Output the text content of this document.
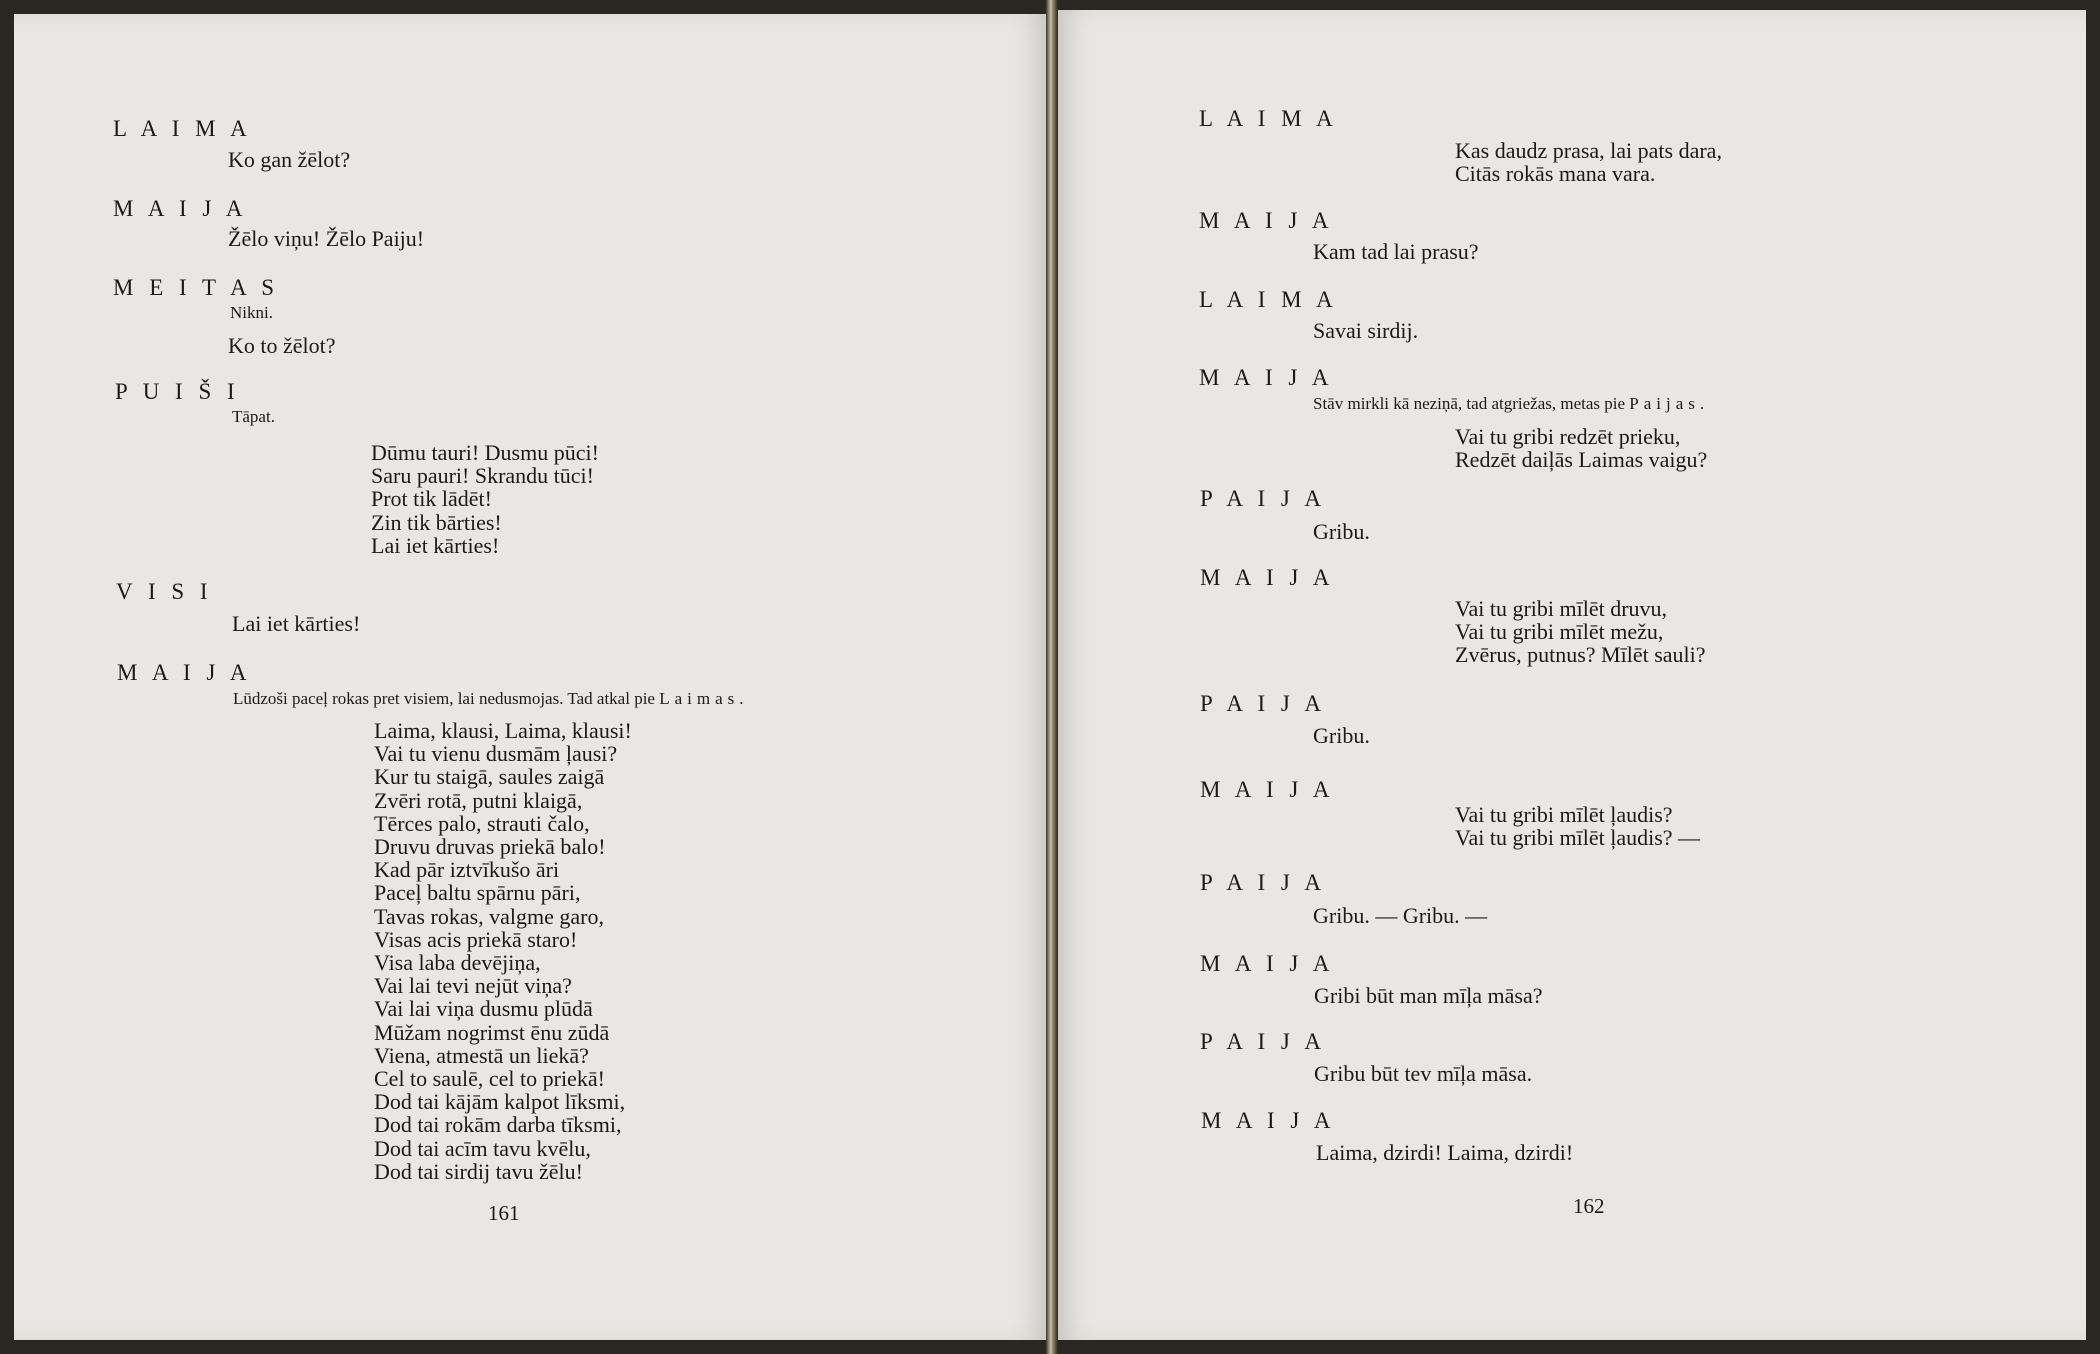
L A I M A
Ko gan žēlot?
M A I J A
Žēlo viņu! Žēlo Paiju!
M E I T A S
Nikni.
Ko to žēlot?
P U I Š I
Tāpat.
Dūmu tauri! Dusmu pūci!
Saru pauri! Skrandu tūci!
Prot tik lādēt!
Zin tik bārties!
Lai iet kārties!
V I S I
Lai iet kārties!
M A I J A
Lūdzoši paceļ rokas pret visiem, lai nedusmojas. Tad atkal pie Laimas.
Laima, klausi, Laima, klausi!
Vai tu vienu dusmām ļausi?
Kur tu staigā, saules zaigā
Zvēri rotā, putni klaigā,
Tērces palo, strauti čalo,
Druvu druvas priekā balo!
Kad pār iztvīkušo āri
Paceļ baltu spārnu pāri,
Tavas rokas, valgme garo,
Visas acis priekā staro!
Visa laba devējiņa,
Vai lai tevi nejūt viņa?
Vai lai viņa dusmu plūdā
Mūžam nogrimst ēnu zūdā
Viena, atmestā un liekā?
Cel to saulē, cel to priekā!
Dod tai kājām kalpot līksmi,
Dod tai rokām darba tīksmi,
Dod tai acīm tavu kvēlu,
Dod tai sirdij tavu žēlu!
161
L A I M A
Kas daudz prasa, lai pats dara,
Citās rokās mana vara.
M A I J A
Kam tad lai prasu?
L A I M A
Savai sirdij.
M A I J A
Stāv mirkli kā neziņā, tad atgriežas, metas pie Paijas.
Vai tu gribi redzēt prieku,
Redzēt daiļās Laimas vaigu?
P A I J A
Gribu.
M A I J A
Vai tu gribi mīlēt druvu,
Vai tu gribi mīlēt mežu,
Zvērus, putnus? Mīlēt sauli?
P A I J A
Gribu.
M A I J A
Vai tu gribi mīlēt ļaudis?
Vai tu gribi mīlēt ļaudis? —
P A I J A
Gribu. — Gribu. —
M A I J A
Gribi būt man mīļa māsa?
P A I J A
Gribu būt tev mīļa māsa.
M A I J A
Laima, dzirdi! Laima, dzirdi!
162
